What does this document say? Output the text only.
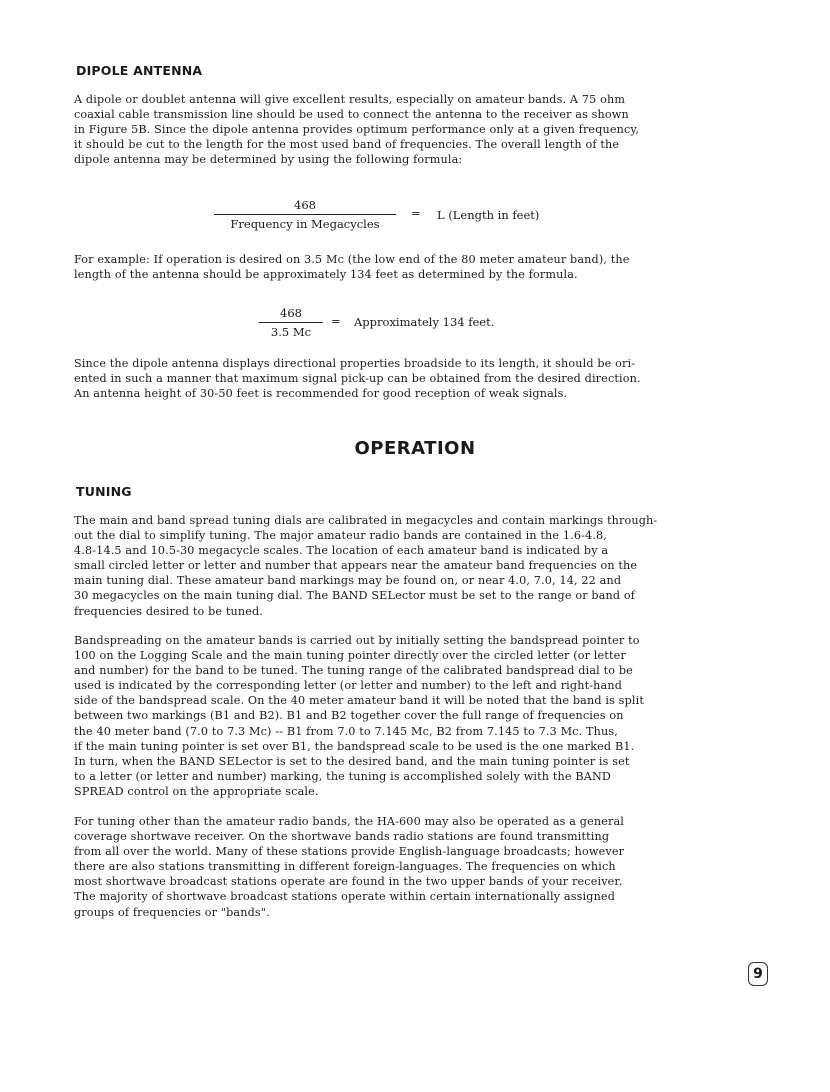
DIPOLE ANTENNA

A dipole or doublet antenna will give excellent results, especially on amateur bands. A 75 ohm
coaxial cable transmission line should be used to connect the antenna to the receiver as shown
in Figure 5B. Since the dipole antenna provides optimum performance only at a given frequency,
it should be cut to the length for the most used band of frequencies. The overall length of the
dipole antenna may be determined by using the following formula:

468
Frequency in Megacycles
= L (Length in feet)

For example: If operation is desired on 3.5 Mc (the low end of the 80 meter amateur band), the
length of the antenna should be approximately 134 feet as determined by the formula.

468
3.5 Mc
= Approximately 134 feet.

Since the dipole antenna displays directional properties broadside to its length, it should be ori-
ented in such a manner that maximum signal pick-up can be obtained from the desired direction.
An antenna height of 30-50 feet is recommended for good reception of weak signals.

OPERATION
TUNING

The main and band spread tuning dials are calibrated in megacycles and contain markings through-
out the dial to simplify tuning. The major amateur radio bands are contained in the 1.6-4.8,
4.8-14.5 and 10.5-30 megacycle scales. The location of each amateur band is indicated by a
small circled letter or letter and number that appears near the amateur band frequencies on the
main tuning dial. These amateur band markings may be found on, or near 4.0, 7.0, 14, 22 and
30 megacycles on the main tuning dial. The BAND SELector must be set to the range or band of
frequencies desired to be tuned.

Bandspreading on the amateur bands is carried out by initially setting the bandspread pointer to
100 on the Logging Scale and the main tuning pointer directly over the circled letter (or letter
and number) for the band to be tuned. The tuning range of the calibrated bandspread dial to be
used is indicated by the corresponding letter (or letter and number) to the left and right-hand
side of the bandspread scale. On the 40 meter amateur band it will be noted that the band is split
between two markings (B1 and B2). B1 and B2 together cover the full range of frequencies on
the 40 meter band (7.0 to 7.3 Mc) -- B1 from 7.0 to 7.145 Mc, B2 from 7.145 to 7.3 Mc. Thus,
if the main tuning pointer is set over B1, the bandspread scale to be used is the one marked B1.
In turn, when the BAND SELector is set to the desired band, and the main tuning pointer is set
to a letter (or letter and number) marking, the tuning is accomplished solely with the BAND
SPREAD control on the appropriate scale.

For tuning other than the amateur radio bands, the HA-600 may also be operated as a general
coverage shortwave receiver. On the shortwave bands radio stations are found transmitting
from all over the world. Many of these stations provide English-language broadcasts; however
there are also stations transmitting in different foreign-languages. The frequencies on which
most shortwave broadcast stations operate are found in the two upper bands of your receiver.
The majority of shortwave broadcast stations operate within certain internationally assigned
groups of frequencies or "bands".

9
